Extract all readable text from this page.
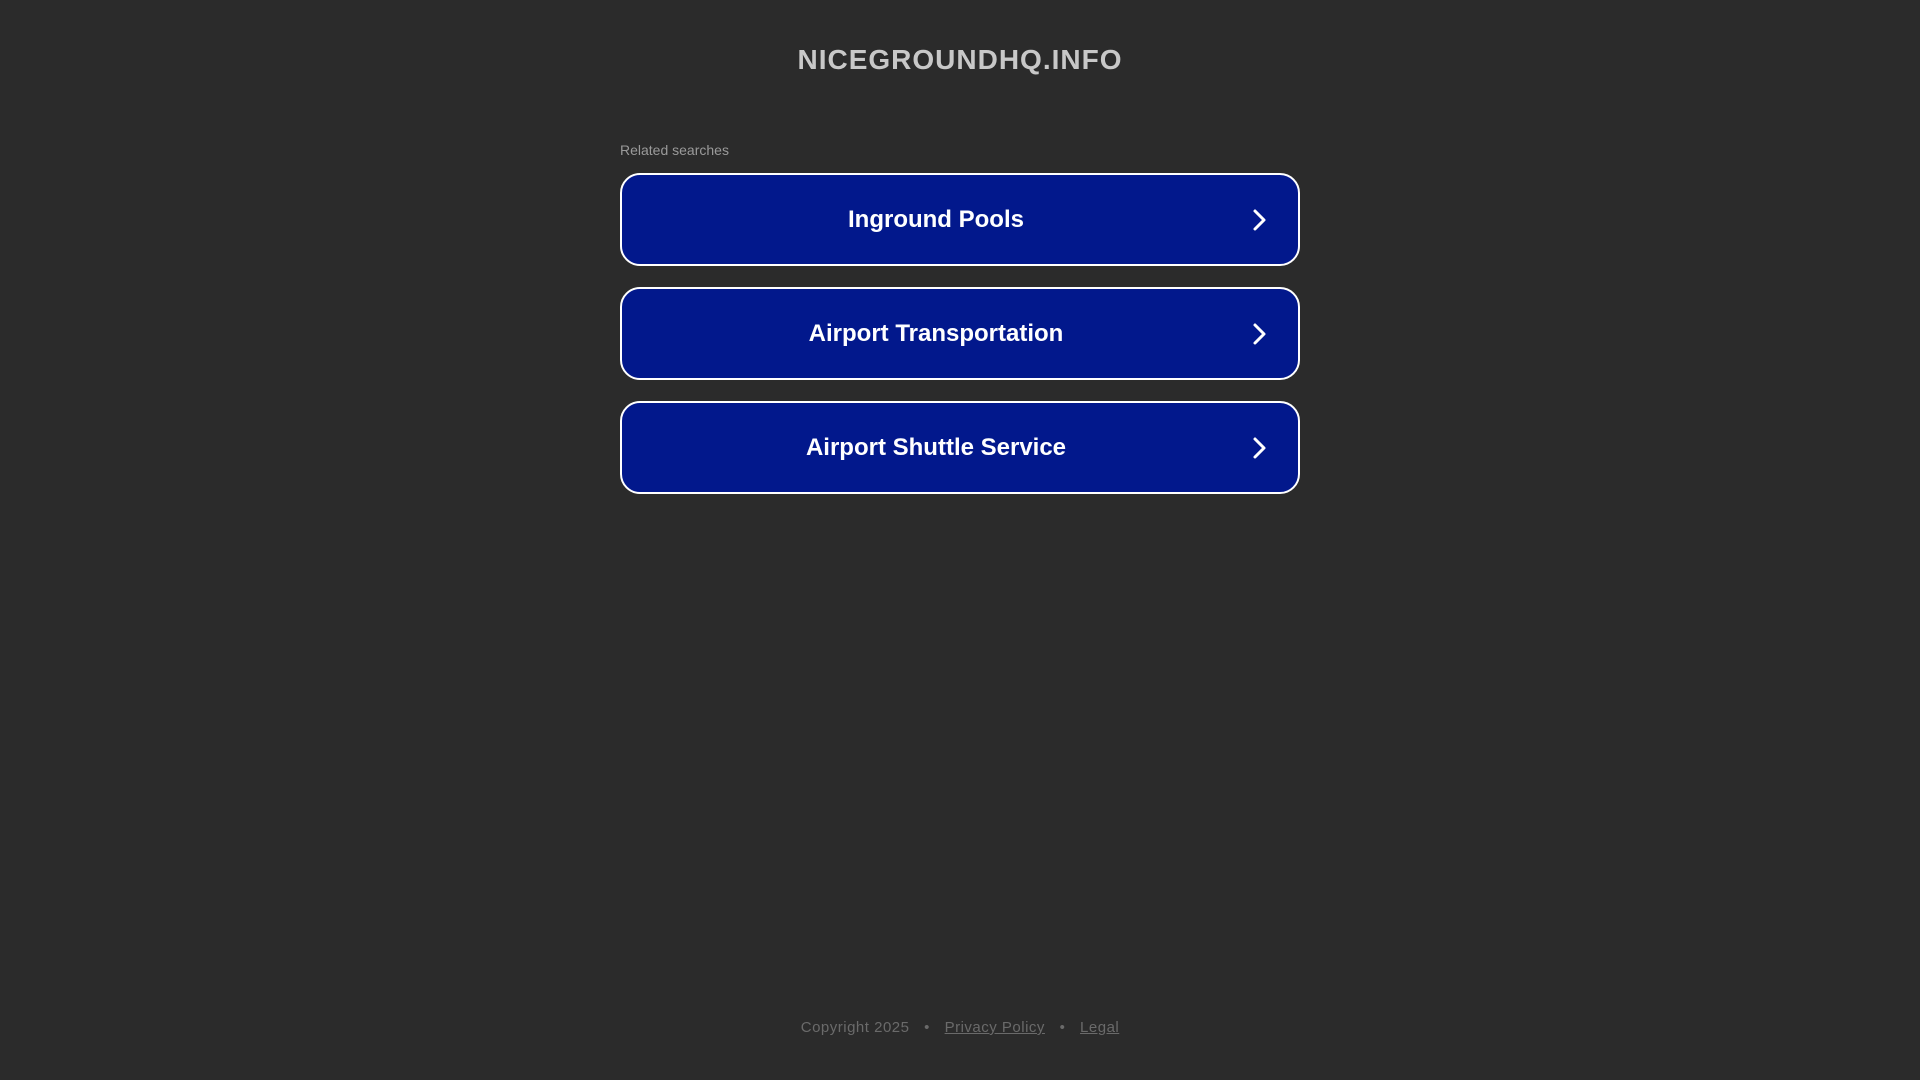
NICEGROUNDHQ.INFO
Related searches
Inground Pools
Airport Transportation
Airport Shuttle Service
Copyright 2025 • Privacy Policy • Legal
